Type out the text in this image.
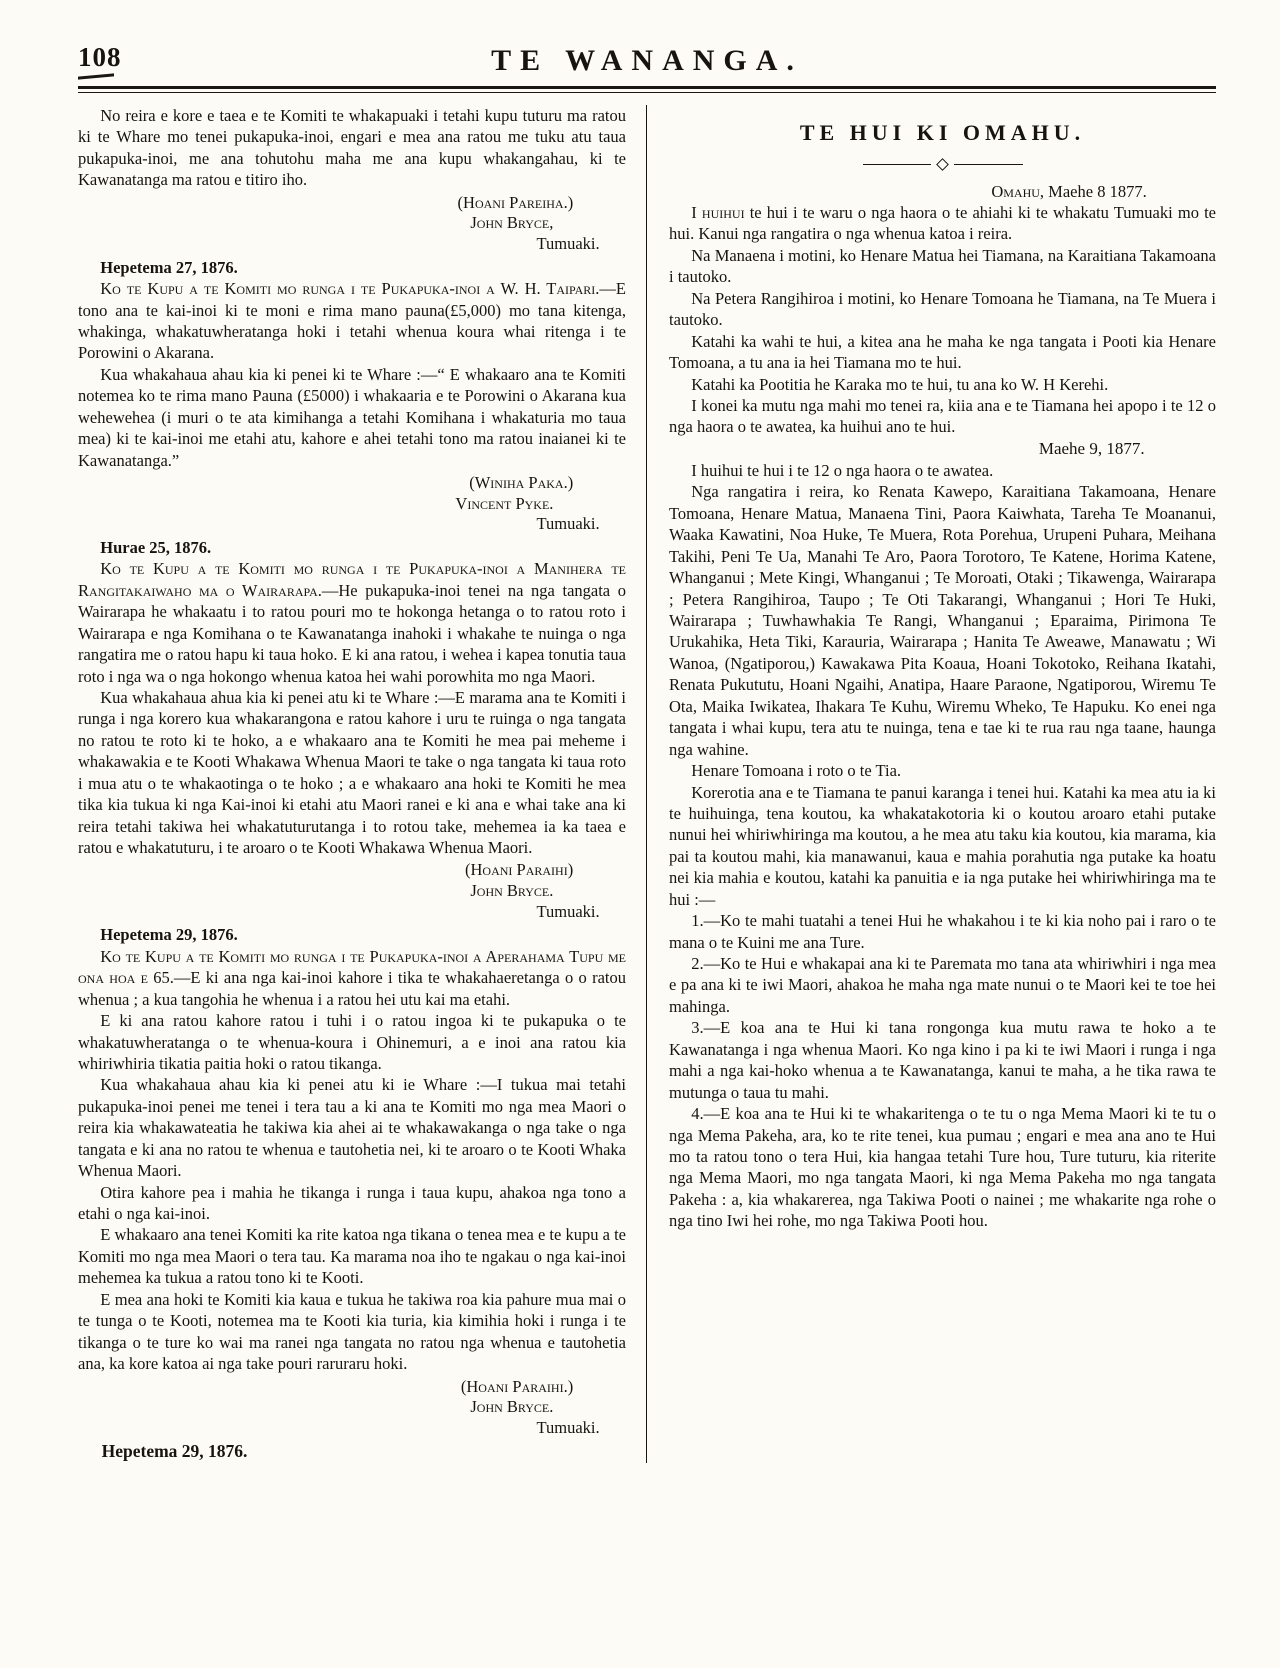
108	TE WANANGA.

No reira e kore e taea e te Komiti te whakapuaki i tetahi kupu tuturu ma ratou ki te Whare mo tenei pukapuka-inoi, engari e mea ana ratou me tuku atu taua pukapuka-inoi, me ana tohutohu maha me ana kupu whakangahau, ki te Kawanatanga ma ratou e titiro iho.

(Hoani Pareiha.)
John Bryce,
Tumuaki.

Hepetema 27, 1876.

Ko te Kupu a te Komiti mo runga i te Pukapuka-inoi a W. H. Taipari.—E tono ana te kai-inoi ki te moni e rima mano pauna(£5,000) mo tana kitenga, whakinga, whakatuwheratanga hoki i tetahi whenua koura whai ritenga i te Porowini o Akarana.

Kua whakahaua ahau kia ki penei ki te Whare :—“ E whakaaro ana te Komiti notemea ko te rima mano Pauna (£5000) i whakaaria e te Porowini o Akarana kua wehewehea (i muri o te ata kimihanga a tetahi Komihana i whakaturia mo taua mea) ki te kai-inoi me etahi atu, kahore e ahei tetahi tono ma ratou inaianei ki te Kawanatanga.”

(Winiha Paka.)
Vincent Pyke.
Tumuaki.

Hurae 25, 1876.

Ko te Kupu a te Komiti mo runga i te Pukapuka-inoi a Manihera te Rangitakaiwaho ma o Wairarapa.—He pukapuka-inoi tenei na nga tangata o Wairarapa he whakaatu i to ratou pouri mo te hokonga hetanga o to ratou roto i Wairarapa e nga Komihana o te Kawanatanga inahoki i whakahe te nuinga o nga rangatira me o ratou hapu ki taua hoko. E ki ana ratou, i wehea i kapea tonutia taua roto i nga wa o nga hokongo whenua katoa hei wahi porowhita mo nga Maori.

Kua whakahaua ahua kia ki penei atu ki te Whare :—E marama ana te Komiti i runga i nga korero kua whakarangona e ratou kahore i uru te ruinga o nga tangata no ratou te roto ki te hoko, a e whakaaro ana te Komiti he mea pai meheme i whakawakia e te Kooti Whakawa Whenua Maori te take o nga tangata ki taua roto i mua atu o te whakaotinga o te hoko ; a e whakaaro ana hoki te Komiti he mea tika kia tukua ki nga Kai-inoi ki etahi atu Maori ranei e ki ana e whai take ana ki reira tetahi takiwa hei whakatuturutanga i to rotou take, mehemea ia ka taea e ratou e whakatuturu, i te aroaro o te Kooti Whakawa Whenua Maori.

(Hoani Paraihi)
John Bryce.
Tumuaki.

Hepetema 29, 1876.

Ko te Kupu a te Komiti mo runga i te Pukapuka-inoi a Aperahama Tupu me ona hoa e 65.—E ki ana nga kai-inoi kahore i tika te whakahaeretanga o o ratou whenua ; a kua tangohia he whenua i a ratou hei utu kai ma etahi.

E ki ana ratou kahore ratou i tuhi i o ratou ingoa ki te pukapuka o te whakatuwheratanga o te whenua-koura i Ohinemuri, a e inoi ana ratou kia whiriwhiria tikatia paitia hoki o ratou tikanga.

Kua whakahaua ahau kia ki penei atu ki ie Whare :—I tukua mai tetahi pukapuka-inoi penei me tenei i tera tau a ki ana te Komiti mo nga mea Maori o reira kia whakawateatia he takiwa kia ahei ai te whakawakanga o nga take o nga tangata e ki ana no ratou te whenua e tautohetia nei, ki te aroaro o te Kooti Whaka Whenua Maori.

Otira kahore pea i mahia he tikanga i runga i taua kupu, ahakoa nga tono a etahi o nga kai-inoi.

E whakaaro ana tenei Komiti ka rite katoa nga tikana o tenea mea e te kupu a te Komiti mo nga mea Maori o tera tau. Ka marama noa iho te ngakau o nga kai-inoi mehemea ka tukua a ratou tono ki te Kooti.

E mea ana hoki te Komiti kia kaua e tukua he takiwa roa kia pahure mua mai o te tunga o te Kooti, notemea ma te Kooti kia turia, kia kimihia hoki i runga i te tikanga o te ture ko wai ma ranei nga tangata no ratou nga whenua e tautohetia ana, ka kore katoa ai nga take pouri raruraru hoki.

(Hoani Paraihi.)
John Bryce.
Tumuaki.

Hepetema 29, 1876.

TE HUI KI OMAHU.

Omahu, Maehe 8 1877.

I huihui te hui i te waru o nga haora o te ahiahi ki te whakatu Tumuaki mo te hui. Kanui nga rangatira o nga whenua katoa i reira.

Na Manaena i motini, ko Henare Matua hei Tiamana, na Karaitiana Takamoana i tautoko.

Na Petera Rangihiroa i motini, ko Henare Tomoana he Tiamana, na Te Muera i tautoko.

Katahi ka wahi te hui, a kitea ana he maha ke nga tangata i Pooti kia Henare Tomoana, a tu ana ia hei Tiamana mo te hui.

Katahi ka Pootitia he Karaka mo te hui, tu ana ko W. H Kerehi.

I konei ka mutu nga mahi mo tenei ra, kiia ana e te Tiamana hei apopo i te 12 o nga haora o te awatea, ka huihui ano te hui.

Maehe 9, 1877.

I huihui te hui i te 12 o nga haora o te awatea.

Nga rangatira i reira, ko Renata Kawepo, Karaitiana Takamoana, Henare Tomoana, Henare Matua, Manaena Tini, Paora Kaiwhata, Tareha Te Moananui, Waaka Kawatini, Noa Huke, Te Muera, Rota Porehua, Urupeni Puhara, Meihana Takihi, Peni Te Ua, Manahi Te Aro, Paora Torotoro, Te Katene, Horima Katene, Whanganui ; Mete Kingi, Whanganui ; Te Moroati, Otaki ; Tikawenga, Wairarapa ; Petera Rangihiroa, Taupo ; Te Oti Takarangi, Whanganui ; Hori Te Huki, Wairarapa ; Tuwhawhakia Te Rangi, Whanganui ; Eparaima, Pirimona Te Urukahika, Heta Tiki, Karauria, Wairarapa ; Hanita Te Aweawe, Manawatu ; Wi Wanoa, (Ngatiporou,) Kawakawa Pita Koaua, Hoani Tokotoko, Reihana Ikatahi, Renata Pukututu, Hoani Ngaihi, Anatipa, Haare Paraone, Ngatiporou, Wiremu Te Ota, Maika Iwikatea, Ihakara Te Kuhu, Wiremu Wheko, Te Hapuku. Ko enei nga tangata i whai kupu, tera atu te nuinga, tena e tae ki te rua rau nga taane, haunga nga wahine.

Henare Tomoana i roto o te Tia.

Korerotia ana e te Tiamana te panui karanga i tenei hui. Katahi ka mea atu ia ki te huihuinga, tena koutou, ka whakatakotoria ki o koutou aroaro etahi putake nunui hei whiriwhiringa ma koutou, a he mea atu taku kia koutou, kia marama, kia pai ta koutou mahi, kia manawanui, kaua e mahia porahutia nga putake ka hoatu nei kia mahia e koutou, katahi ka panuitia e ia nga putake hei whiriwhiringa ma te hui :—

1.—Ko te mahi tuatahi a tenei Hui he whakahou i te ki kia noho pai i raro o te mana o te Kuini me ana Ture.

2.—Ko te Hui e whakapai ana ki te Paremata mo tana ata whiriwhiri i nga mea e pa ana ki te iwi Maori, ahakoa he maha nga mate nunui o te Maori kei te toe hei mahinga.

3.—E koa ana te Hui ki tana rongonga kua mutu rawa te hoko a te Kawanatanga i nga whenua Maori. Ko nga kino i pa ki te iwi Maori i runga i nga mahi a nga kai-hoko whenua a te Kawanatanga, kanui te maha, a he tika rawa te mutunga o taua tu mahi.

4.—E koa ana te Hui ki te whakaritenga o te tu o nga Mema Maori ki te tu o nga Mema Pakeha, ara, ko te rite tenei, kua pumau ; engari e mea ana ano te Hui mo ta ratou tono o tera Hui, kia hangaa tetahi Ture hou, Ture tuturu, kia riterite nga Mema Maori, mo nga tangata Maori, ki nga Mema Pakeha mo nga tangata Pakeha : a, kia whakarerea, nga Takiwa Pooti o nainei ; me whakarite nga rohe o nga tino Iwi hei rohe, mo nga Takiwa Pooti hou.
